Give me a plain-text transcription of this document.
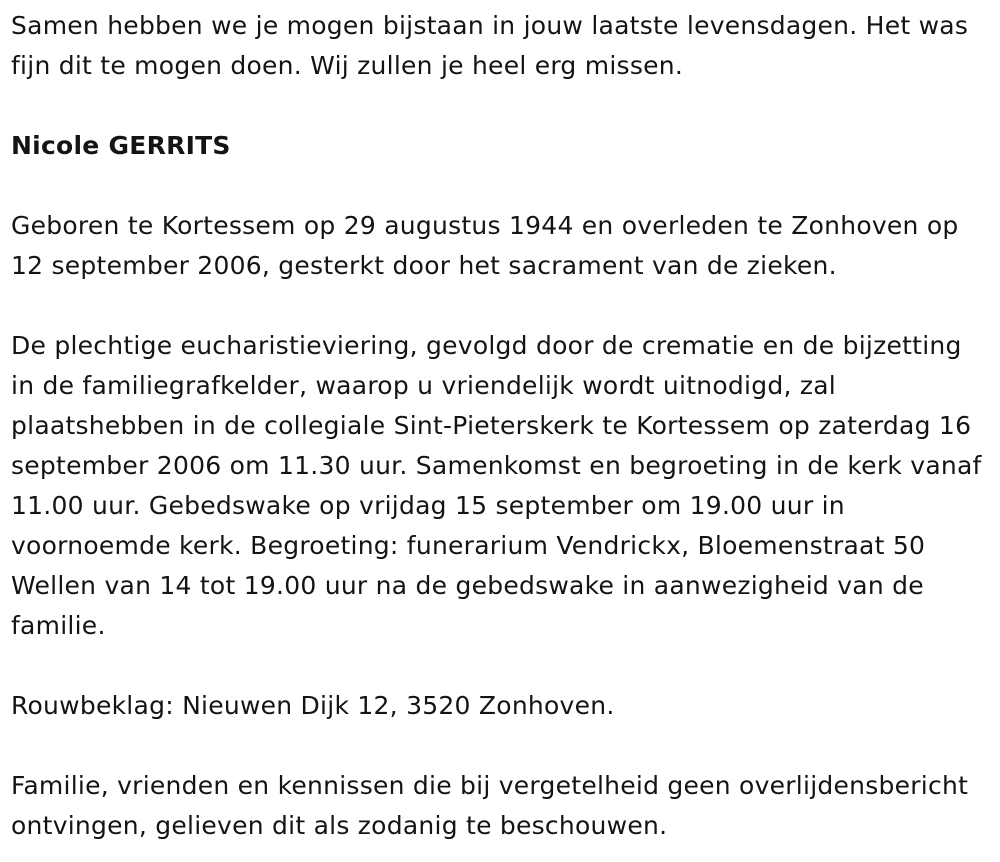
Samen hebben we je mogen bijstaan in jouw laatste levensdagen. Het was fijn dit te mogen doen. Wij zullen je heel erg missen.

Nicole GERRITS

Geboren te Kortessem op 29 augustus 1944 en overleden te Zonhoven op 12 september 2006, gesterkt door het sacrament van de zieken.

De plechtige eucharistieviering, gevolgd door de crematie en de bijzetting in de familiegrafkelder, waarop u vriendelijk wordt uitnodigd, zal plaatshebben in de collegiale Sint-Pieterskerk te Kortessem op zaterdag 16 september 2006 om 11.30 uur. Samenkomst en begroeting in de kerk vanaf 11.00 uur. Gebedswake op vrijdag 15 september om 19.00 uur in voornoemde kerk. Begroeting: funerarium Vendrickx, Bloemenstraat 50 Wellen van 14 tot 19.00 uur na de gebedswake in aanwezigheid van de familie.

Rouwbeklag: Nieuwen Dijk 12, 3520 Zonhoven.

Familie, vrienden en kennissen die bij vergetelheid geen overlijdensbericht ontvingen, gelieven dit als zodanig te beschouwen.
